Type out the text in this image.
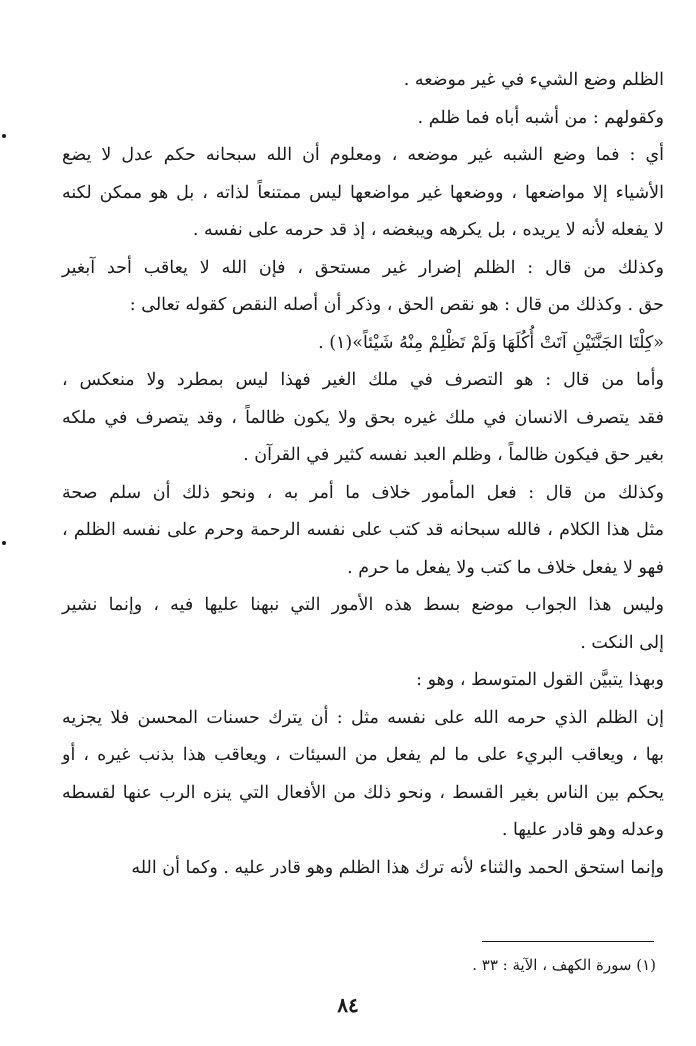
الظلم وضع الشيء في غير موضعه .

وكقولهم : من أشبه أباه فما ظلم .

أي : فما وضع الشبه غير موضعه ، ومعلوم أن الله سبحانه حكم عدل لا يضع
الأشياء إلا مواضعها ، ووضعها غير مواضعها ليس ممتنعاً لذاته ، بل هو ممكن لكنه
لا يفعله لأنه لا يريده ، بل يكرهه ويبغضه ، إذ قد حرمه على نفسه .

وكذلك من قال : الظلم إضرار غير مستحق ، فإن الله لا يعاقب أحد آبغير
حق . وكذلك من قال : هو نقص الحق ، وذكر أن أصله النقص كقوله تعالى :

«كِلْتَا الجَنَّتَيْنِ آتَتْ أُكُلَهَا وَلَمْ تَظْلِمْ مِنْهُ شَيْئاً»(١) .

وأما من قال : هو التصرف في ملك الغير فهذا ليس بمطرد ولا منعكس ،
فقد يتصرف الانسان في ملك غيره بحق ولا يكون ظالماً ، وقد يتصرف في ملكه
بغير حق فيكون ظالماً ، وظلم العبد نفسه كثير في القرآن .

وكذلك من قال : فعل المأمور خلاف ما أمر به ، ونحو ذلك أن سلم صحة
مثل هذا الكلام ، فالله سبحانه قد كتب على نفسه الرحمة وحرم على نفسه الظلم ،
فهو لا يفعل خلاف ما كتب ولا يفعل ما حرم .

وليس هذا الجواب موضع بسط هذه الأمور التي نبهنا عليها فيه ، وإنما نشير
إلى النكت .

وبهذا يتبيَّن القول المتوسط ، وهو :

إن الظلم الذي حرمه الله على نفسه مثل : أن يترك حسنات المحسن فلا يجزيه
بها ، ويعاقب البريء على ما لم يفعل من السيئات ، ويعاقب هذا بذنب غيره ، أو
يحكم بين الناس بغير القسط ، ونحو ذلك من الأفعال التي ينزه الرب عنها لقسطه
وعدله وهو قادر عليها .

وإنما استحق الحمد والثناء لأنه ترك هذا الظلم وهو قادر عليه . وكما أن الله

(١) سورة الكهف ، الآية : ٣٣ .
٨٤
